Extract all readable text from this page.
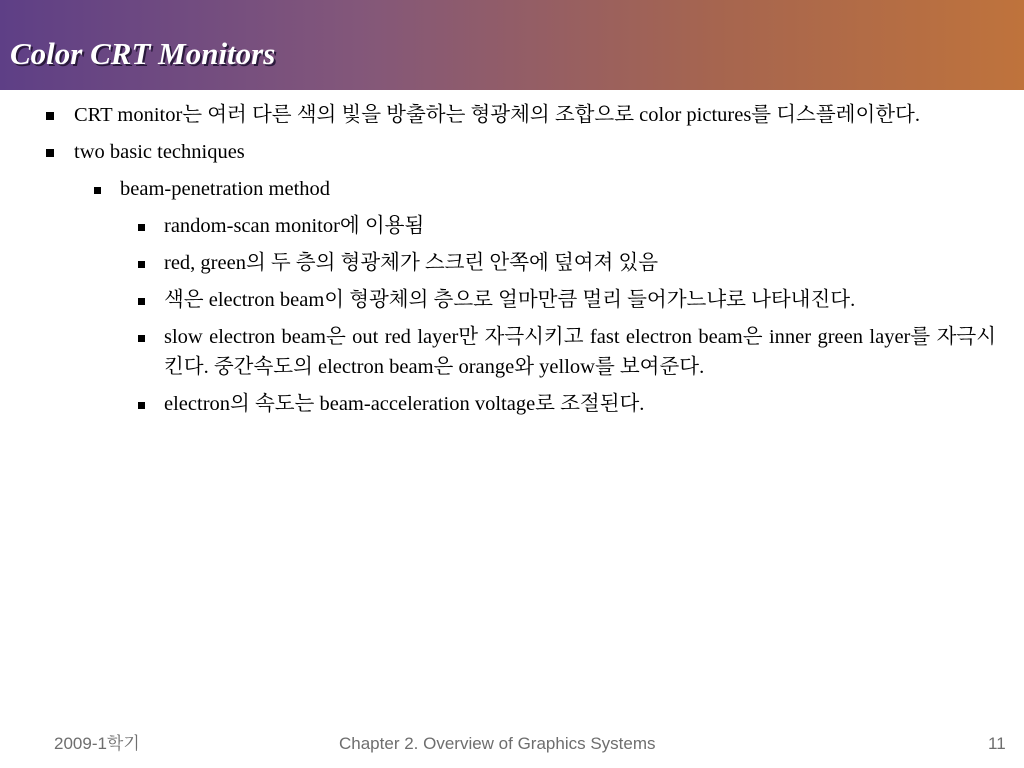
Color CRT Monitors
CRT monitor는 여러 다른 색의 빛을 방출하는 형광체의 조합으로 color pictures를 디스플레이한다.
two basic techniques
beam-penetration method
random-scan monitor에 이용됨
red, green의 두 층의 형광체가 스크린 안쪽에 덮여져 있음
색은 electron beam이 형광체의 층으로 얼마만큼 멀리 들어가느냐로 나타내진다.
slow electron beam은 out red layer만 자극시키고 fast electron beam은 inner green layer를 자극시킨다. 중간속도의 electron beam은 orange와 yellow를 보여준다.
electron의 속도는 beam-acceleration voltage로 조절된다.
2009-1학기	Chapter 2. Overview of Graphics Systems	11
